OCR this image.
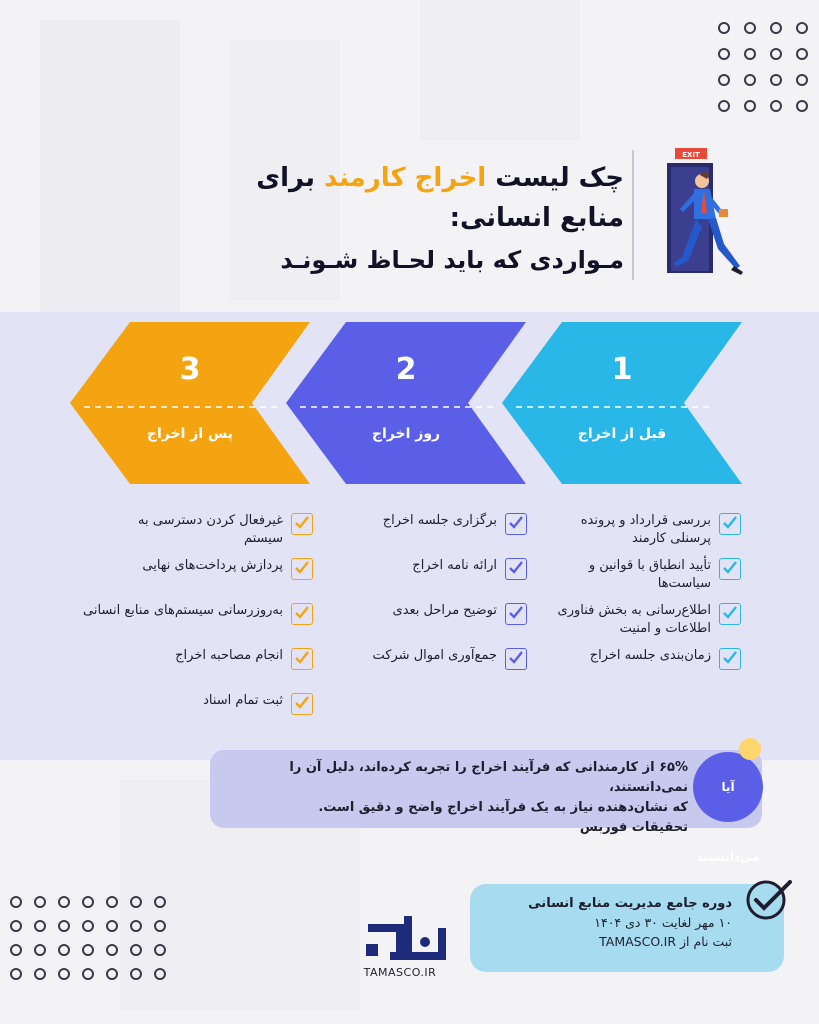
چک لیست اخراج کارمند برای منابع انسانی:
مـواردی که باید لحـاظ شـونـد
EXIT
1
قبل از اخراج
2
روز اخراج
3
پس از اخراج
بررسی قرارداد و پرونده پرسنلی کارمند
تأیید انطباق با قوانین و سیاست‌ها
اطلاع‌رسانی به بخش فناوری اطلاعات و امنیت
زمان‌بندی جلسه اخراج
برگزاری جلسه اخراج
ارائه نامه اخراج
توضیح مراحل بعدی
جمع‌آوری اموال شرکت
غیرفعال کردن دسترسی به سیستم
پردازش پرداخت‌های نهایی
به‌روزرسانی سیستم‌های منابع انسانی
انجام مصاحبه اخراج
ثبت تمام اسناد
۶۵% از کارمندانی که فرآیند اخراج را تجربه کرده‌اند، دلیل آن را نمی‌دانستند،
که نشان‌دهنده نیاز به یک فرآیند اخراج واضح و دقیق است.
تحقیقات فوربس
آیا می‌دانستید
دوره جامع مدیریت منابع انسانی
۱۰ مهر لغایت ۳۰ دی ۱۴۰۴
ثبت نام از TAMASCO.IR
TAMASCO.IR
